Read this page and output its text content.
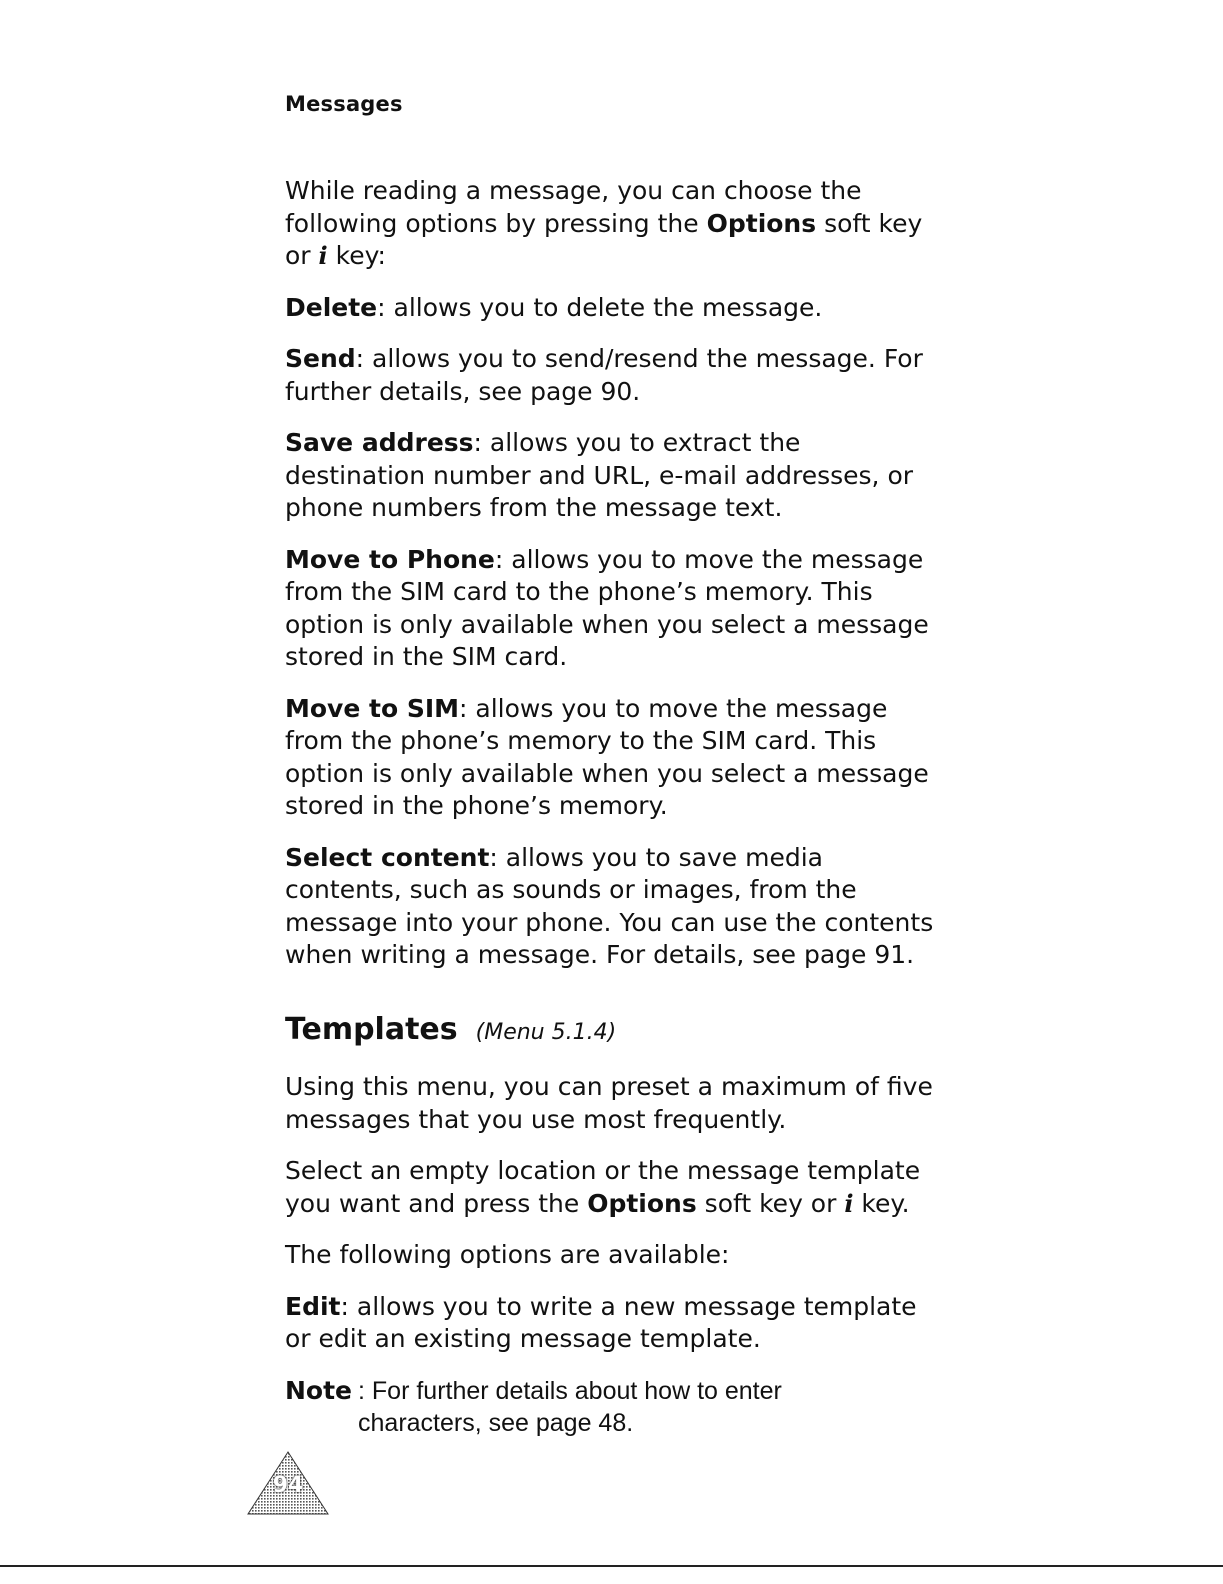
Messages

While reading a message, you can choose the following options by pressing the Options soft key or i key:

Delete: allows you to delete the message.

Send: allows you to send/resend the message. For further details, see page 90.

Save address: allows you to extract the destination number and URL, e-mail addresses, or phone numbers from the message text.

Move to Phone: allows you to move the message from the SIM card to the phone’s memory. This option is only available when you select a message stored in the SIM card.

Move to SIM: allows you to move the message from the phone’s memory to the SIM card. This option is only available when you select a message stored in the phone’s memory.

Select content: allows you to save media contents, such as sounds or images, from the message into your phone. You can use the contents when writing a message. For details, see page 91.

Templates (Menu 5.1.4)

Using this menu, you can preset a maximum of five messages that you use most frequently.

Select an empty location or the message template you want and press the Options soft key or i key.

The following options are available:

Edit: allows you to write a new message template or edit an existing message template.

Note : For further details about how to enter characters, see page 48.
94
